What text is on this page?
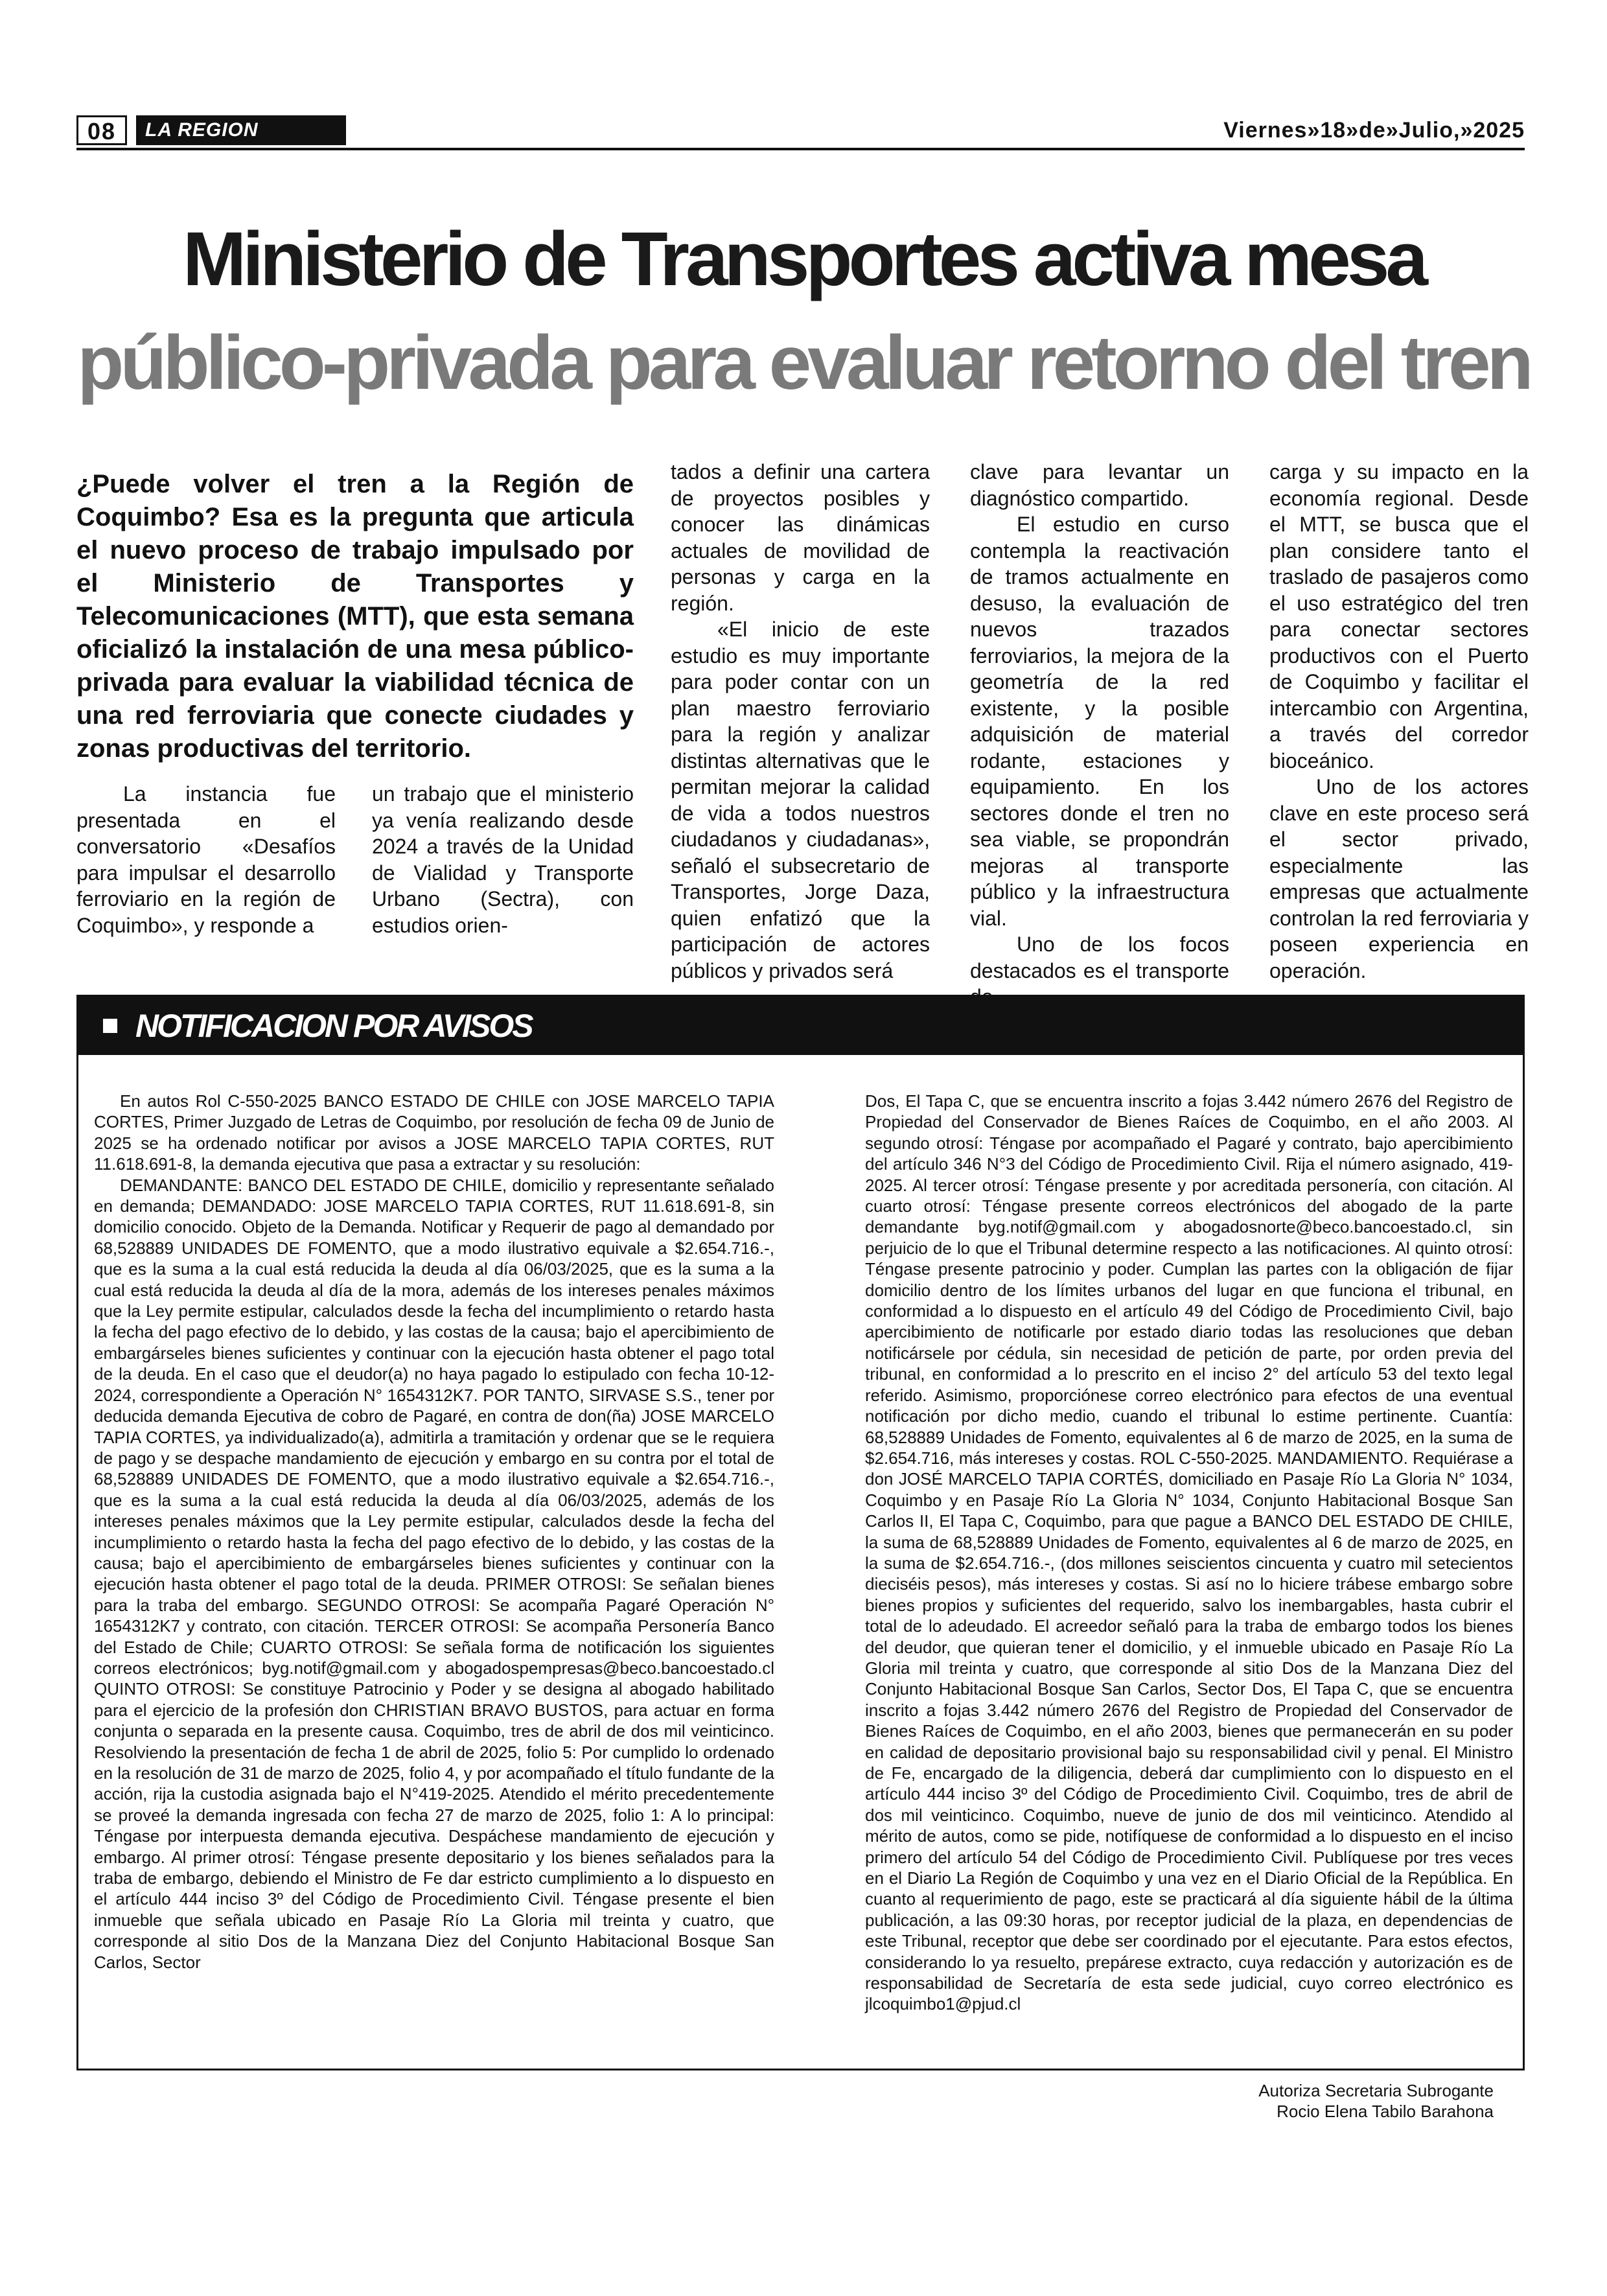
08	LA REGION	Viernes»18»de»Julio,»2025
Ministerio de Transportes activa mesa
público-privada para evaluar retorno del tren
¿Puede volver el tren a la Región de Coquimbo? Esa es la pregunta que articula el nuevo proceso de trabajo impulsado por el Ministerio de Transportes y Telecomunicaciones (MTT), que esta semana oficializó la instalación de una mesa público-privada para evaluar la viabilidad técnica de una red ferroviaria que conecte ciudades y zonas productivas del territorio.

La instancia fue presentada en el conversatorio «Desafíos para impulsar el desarrollo ferroviario en la región de Coquimbo», y responde a

un trabajo que el ministerio ya venía realizando desde 2024 a través de la Unidad de Vialidad y Transporte Urbano (Sectra), con estudios orien-

tados a definir una cartera de proyectos posibles y conocer las dinámicas actuales de movilidad de personas y carga en la región.

«El inicio de este estudio es muy importante para poder contar con un plan maestro ferroviario para la región y analizar distintas alternativas que le permitan mejorar la calidad de vida a todos nuestros ciudadanos y ciudadanas», señaló el subsecretario de Transportes, Jorge Daza, quien enfatizó que la participación de actores públicos y privados será

clave para levantar un diagnóstico compartido.

El estudio en curso contempla la reactivación de tramos actualmente en desuso, la evaluación de nuevos trazados ferroviarios, la mejora de la geometría de la red existente, y la posible adquisición de material rodante, estaciones y equipamiento. En los sectores donde el tren no sea viable, se propondrán mejoras al transporte público y la infraestructura vial.

Uno de los focos destacados es el transporte

carga y su impacto en la economía regional. Desde el MTT, se busca que el plan considere tanto el traslado de pasajeros como el uso estratégico del tren para conectar sectores productivos con el Puerto de Coquimbo y facilitar el intercambio con Argentina, a través del corredor bioceánico.

Uno de los actores clave en este proceso será el sector privado, especialmente las empresas que actualmente controlan la red ferroviaria y poseen experiencia en operación.

NOTIFICACION POR AVISOS

En autos Rol C-550-2025 BANCO ESTADO DE CHILE con JOSE MARCELO TAPIA CORTES, Primer Juzgado de Letras de Coquimbo, por resolución de fecha 09 de Junio de 2025 se ha ordenado notificar por avisos a JOSE MARCELO TAPIA CORTES, RUT 11.618.691-8, la demanda ejecutiva que pasa a extractar y su resolución:

DEMANDANTE: BANCO DEL ESTADO DE CHILE, domicilio y representante señalado en demanda; DEMANDADO: JOSE MARCELO TAPIA CORTES, RUT 11.618.691-8, sin domicilio conocido. Objeto de la Demanda. Notificar y Requerir de pago al demandado por 68,528889 UNIDADES DE FOMENTO, que a modo ilustrativo equivale a $2.654.716.-, que es la suma a la cual está reducida la deuda al día 06/03/2025, que es la suma a la cual está reducida la deuda al día de la mora, además de los intereses penales máximos que la Ley permite estipular, calculados desde la fecha del incumplimiento o retardo hasta la fecha del pago efectivo de lo debido, y las costas de la causa; bajo el apercibimiento de embargárseles bienes suficientes y continuar con la ejecución hasta obtener el pago total de la deuda. En el caso que el deudor(a) no haya pagado lo estipulado con fecha 10-12-2024, correspondiente a Operación N° 1654312K7. POR TANTO, SIRVASE S.S., tener por deducida demanda Ejecutiva de cobro de Pagaré, en contra de don(ña) JOSE MARCELO TAPIA CORTES, ya individualizado(a), admitirla a tramitación y ordenar que se le requiera de pago y se despache mandamiento de ejecución y embargo en su contra por el total de 68,528889 UNIDADES DE FOMENTO, que a modo ilustrativo equivale a $2.654.716.-, que es la suma a la cual está reducida la deuda al día 06/03/2025, además de los intereses penales máximos que la Ley permite estipular, calculados desde la fecha del incumplimiento o retardo hasta la fecha del pago efectivo de lo debido, y las costas de la causa; bajo el apercibimiento de embargárseles bienes suficientes y continuar con la ejecución hasta obtener el pago total de la deuda. PRIMER OTROSI: Se señalan bienes para la traba del embargo. SEGUNDO OTROSI: Se acompaña Pagaré Operación N° 1654312K7 y contrato, con citación. TERCER OTROSI: Se acompaña Personería Banco del Estado de Chile; CUARTO OTROSI: Se señala forma de notificación los siguientes correos electrónicos; byg.notif@gmail.com y abogadospempresas@beco.bancoestado.cl QUINTO OTROSI: Se constituye Patrocinio y Poder y se designa al abogado habilitado para el ejercicio de la profesión don CHRISTIAN BRAVO BUSTOS, para actuar en forma conjunta o separada en la presente causa. Coquimbo, tres de abril de dos mil veinticinco. Resolviendo la presentación de fecha 1 de abril de 2025, folio 5: Por cumplido lo ordenado en la resolución de 31 de marzo de 2025, folio 4, y por acompañado el título fundante de la acción, rija la custodia asignada bajo el N°419-2025. Atendido el mérito precedentemente se proveé la demanda ingresada con fecha 27 de marzo de 2025, folio 1: A lo principal: Téngase por interpuesta demanda ejecutiva. Despáchese mandamiento de ejecución y embargo. Al primer otrosí: Téngase presente depositario y los bienes señalados para la traba de embargo, debiendo el Ministro de Fe dar estricto cumplimiento a lo dispuesto en el artículo 444 inciso 3º del Código de Procedimiento Civil. Téngase presente el bien inmueble que señala ubicado en Pasaje Río La Gloria mil treinta y cuatro, que corresponde al sitio Dos de la Manzana Diez del Conjunto Habitacional Bosque San Carlos, Sector

Dos, El Tapa C, que se encuentra inscrito a fojas 3.442 número 2676 del Registro de Propiedad del Conservador de Bienes Raíces de Coquimbo, en el año 2003. Al segundo otrosí: Téngase por acompañado el Pagaré y contrato, bajo apercibimiento del artículo 346 N°3 del Código de Procedimiento Civil. Rija el número asignado, 419-2025. Al tercer otrosí: Téngase presente y por acreditada personería, con citación. Al cuarto otrosí: Téngase presente correos electrónicos del abogado de la parte demandante byg.notif@gmail.com y abogadosnorte@beco.bancoestado.cl, sin perjuicio de lo que el Tribunal determine respecto a las notificaciones. Al quinto otrosí: Téngase presente patrocinio y poder. Cumplan las partes con la obligación de fijar domicilio dentro de los límites urbanos del lugar en que funciona el tribunal, en conformidad a lo dispuesto en el artículo 49 del Código de Procedimiento Civil, bajo apercibimiento de notificarle por estado diario todas las resoluciones que deban notificársele por cédula, sin necesidad de petición de parte, por orden previa del tribunal, en conformidad a lo prescrito en el inciso 2° del artículo 53 del texto legal referido. Asimismo, proporciónese correo electrónico para efectos de una eventual notificación por dicho medio, cuando el tribunal lo estime pertinente. Cuantía: 68,528889 Unidades de Fomento, equivalentes al 6 de marzo de 2025, en la suma de $2.654.716, más intereses y costas. ROL C-550-2025. MANDAMIENTO. Requiérase a don JOSÉ MARCELO TAPIA CORTÉS, domiciliado en Pasaje Río La Gloria N° 1034, Coquimbo y en Pasaje Río La Gloria N° 1034, Conjunto Habitacional Bosque San Carlos II, El Tapa C, Coquimbo, para que pague a BANCO DEL ESTADO DE CHILE, la suma de 68,528889 Unidades de Fomento, equivalentes al 6 de marzo de 2025, en la suma de $2.654.716.-, (dos millones seiscientos cincuenta y cuatro mil setecientos dieciséis pesos), más intereses y costas. Si así no lo hiciere trábese embargo sobre bienes propios y suficientes del requerido, salvo los inembargables, hasta cubrir el total de lo adeudado. El acreedor señaló para la traba de embargo todos los bienes del deudor, que quieran tener el domicilio, y el inmueble ubicado en Pasaje Río La Gloria mil treinta y cuatro, que corresponde al sitio Dos de la Manzana Diez del Conjunto Habitacional Bosque San Carlos, Sector Dos, El Tapa C, que se encuentra inscrito a fojas 3.442 número 2676 del Registro de Propiedad del Conservador de Bienes Raíces de Coquimbo, en el año 2003, bienes que permanecerán en su poder en calidad de depositario provisional bajo su responsabilidad civil y penal. El Ministro de Fe, encargado de la diligencia, deberá dar cumplimiento con lo dispuesto en el artículo 444 inciso 3º del Código de Procedimiento Civil. Coquimbo, tres de abril de dos mil veinticinco. Coquimbo, nueve de junio de dos mil veinticinco. Atendido al mérito de autos, como se pide, notifíquese de conformidad a lo dispuesto en el inciso primero del artículo 54 del Código de Procedimiento Civil. Publíquese por tres veces en el Diario La Región de Coquimbo y una vez en el Diario Oficial de la República. En cuanto al requerimiento de pago, este se practicará al día siguiente hábil de la última publicación, a las 09:30 horas, por receptor judicial de la plaza, en dependencias de este Tribunal, receptor que debe ser coordinado por el ejecutante. Para estos efectos, considerando lo ya resuelto, prepárese extracto, cuya redacción y autorización es de responsabilidad de Secretaría de esta sede judicial, cuyo correo electrónico es jlcoquimbo1@pjud.cl

Autoriza Secretaria Subrogante
Rocio Elena Tabilo Barahona
